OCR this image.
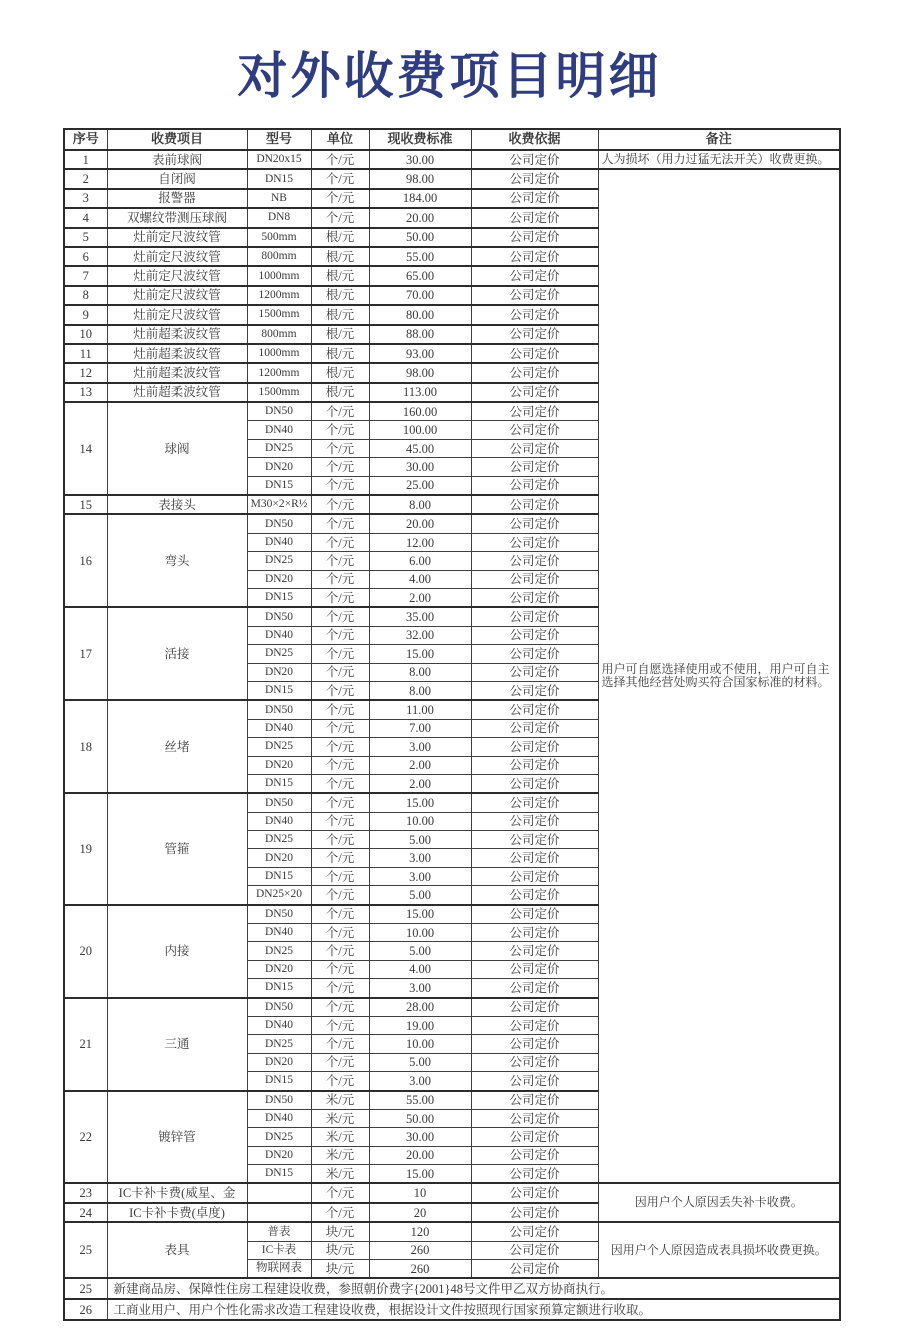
对外收费项目明细
序号	收费项目	型号	单位	现收费标准	收费依据	备注
1	表前球阀	DN20x15	个/元	30.00	公司定价	人为损坏（用力过猛无法开关）收费更换。
2	自闭阀	DN15	个/元	98.00	公司定价	用户可自愿选择使用或不使用，用户可自主选择其他经营处购买符合国家标准的材料。
3	报警器	NB	个/元	184.00	公司定价	
4	双螺纹带测压球阀	DN8	个/元	20.00	公司定价	
5	灶前定尺波纹管	500mm	根/元	50.00	公司定价	
6	灶前定尺波纹管	800mm	根/元	55.00	公司定价	
7	灶前定尺波纹管	1000mm	根/元	65.00	公司定价	
8	灶前定尺波纹管	1200mm	根/元	70.00	公司定价	
9	灶前定尺波纹管	1500mm	根/元	80.00	公司定价	
10	灶前超柔波纹管	800mm	根/元	88.00	公司定价	
11	灶前超柔波纹管	1000mm	根/元	93.00	公司定价	
12	灶前超柔波纹管	1200mm	根/元	98.00	公司定价	
13	灶前超柔波纹管	1500mm	根/元	113.00	公司定价	
14	球阀	DN50	个/元	160.00	公司定价	
		DN40	个/元	100.00	公司定价	
		DN25	个/元	45.00	公司定价	
		DN20	个/元	30.00	公司定价	
		DN15	个/元	25.00	公司定价	
15	表接头	M30×2×R½	个/元	8.00	公司定价	
16	弯头	DN50	个/元	20.00	公司定价	
		DN40	个/元	12.00	公司定价	
		DN25	个/元	6.00	公司定价	
		DN20	个/元	4.00	公司定价	
		DN15	个/元	2.00	公司定价	
17	活接	DN50	个/元	35.00	公司定价	
		DN40	个/元	32.00	公司定价	
		DN25	个/元	15.00	公司定价	
		DN20	个/元	8.00	公司定价	
		DN15	个/元	8.00	公司定价	
18	丝堵	DN50	个/元	11.00	公司定价	
		DN40	个/元	7.00	公司定价	
		DN25	个/元	3.00	公司定价	
		DN20	个/元	2.00	公司定价	
		DN15	个/元	2.00	公司定价	
19	管箍	DN50	个/元	15.00	公司定价	
		DN40	个/元	10.00	公司定价	
		DN25	个/元	5.00	公司定价	
		DN20	个/元	3.00	公司定价	
		DN15	个/元	3.00	公司定价	
		DN25×20	个/元	5.00	公司定价	
20	内接	DN50	个/元	15.00	公司定价	
		DN40	个/元	10.00	公司定价	
		DN25	个/元	5.00	公司定价	
		DN20	个/元	4.00	公司定价	
		DN15	个/元	3.00	公司定价	
21	三通	DN50	个/元	28.00	公司定价	
		DN40	个/元	19.00	公司定价	
		DN25	个/元	10.00	公司定价	
		DN20	个/元	5.00	公司定价	
		DN15	个/元	3.00	公司定价	
22	镀锌管	DN50	米/元	55.00	公司定价	
		DN40	米/元	50.00	公司定价	
		DN25	米/元	30.00	公司定价	
		DN20	米/元	20.00	公司定价	
		DN15	米/元	15.00	公司定价	
23	IC卡补卡费(威星、金		个/元	10	公司定价	因用户个人原因丢失补卡收费。
24	IC卡补卡费(卓度)		个/元	20	公司定价	
25	表具	普表	块/元	120	公司定价	因用户个人原因造成表具损坏收费更换。
		IC卡表	块/元	260	公司定价	
		物联网表	块/元	260	公司定价	
25	新建商品房、保障性住房工程建设收费，参照朝价费字{2001}48号文件甲乙双方协商执行。					
26	工商业用户、用户个性化需求改造工程建设收费，根据设计文件按照现行国家预算定额进行收取。					
